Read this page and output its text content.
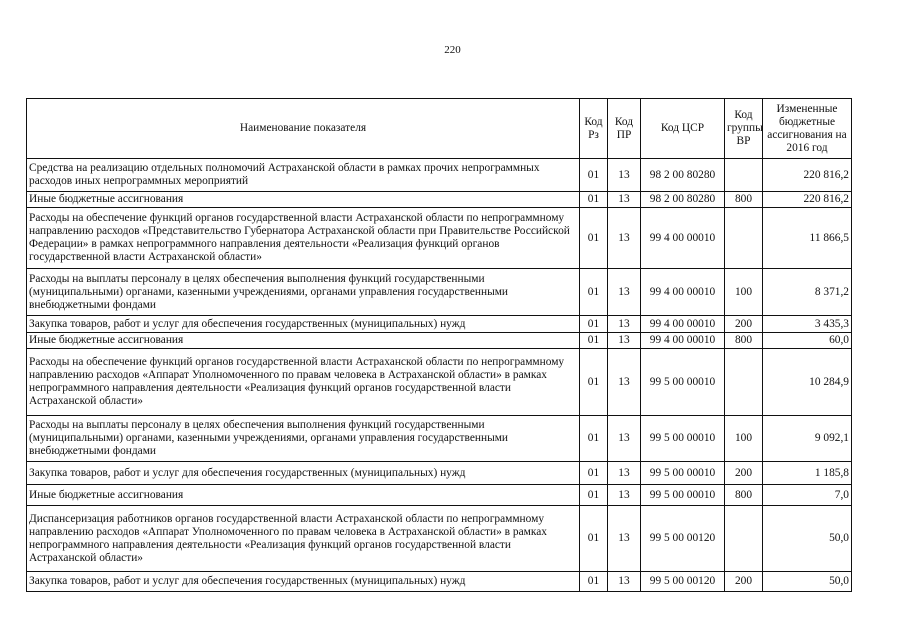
220
Наименование показателя	Код Рз	Код ПР	Код ЦСР	Код группы ВР	Измененные бюджетные ассигнования на 2016 год
Средства на реализацию отдельных полномочий Астраханской области в рамках прочих непрограммных расходов иных непрограммных мероприятий	01	13	98 2 00 80280		220 816,2
Иные бюджетные ассигнования	01	13	98 2 00 80280	800	220 816,2
Расходы на обеспечение функций органов государственной власти Астраханской области по непрограммному направлению расходов «Представительство Губернатора Астраханской области при Правительстве Российской Федерации» в рамках непрограммного направления деятельности «Реализация функций органов государственной власти Астраханской области»	01	13	99 4 00 00010		11 866,5
Расходы на выплаты персоналу в целях обеспечения выполнения функций государственными (муниципальными) органами, казенными учреждениями, органами управления государственными внебюджетными фондами	01	13	99 4 00 00010	100	8 371,2
Закупка товаров, работ и услуг для обеспечения государственных (муниципальных) нужд	01	13	99 4 00 00010	200	3 435,3
Иные бюджетные ассигнования	01	13	99 4 00 00010	800	60,0
Расходы на обеспечение функций органов государственной власти Астраханской области по непрограммному направлению расходов «Аппарат Уполномоченного по правам человека в Астраханской области» в рамках непрограммного направления деятельности «Реализация функций органов государственной власти Астраханской области»	01	13	99 5 00 00010		10 284,9
Расходы на выплаты персоналу в целях обеспечения выполнения функций государственными (муниципальными) органами, казенными учреждениями, органами управления государственными внебюджетными фондами	01	13	99 5 00 00010	100	9 092,1
Закупка товаров, работ и услуг для обеспечения государственных (муниципальных) нужд	01	13	99 5 00 00010	200	1 185,8
Иные бюджетные ассигнования	01	13	99 5 00 00010	800	7,0
Диспансеризация работников органов государственной власти Астраханской области по непрограммному направлению расходов «Аппарат Уполномоченного по правам человека в Астраханской области» в рамках непрограммного направления деятельности «Реализация функций органов государственной власти Астраханской области»	01	13	99 5 00 00120		50,0
Закупка товаров, работ и услуг для обеспечения государственных (муниципальных) нужд	01	13	99 5 00 00120	200	50,0
